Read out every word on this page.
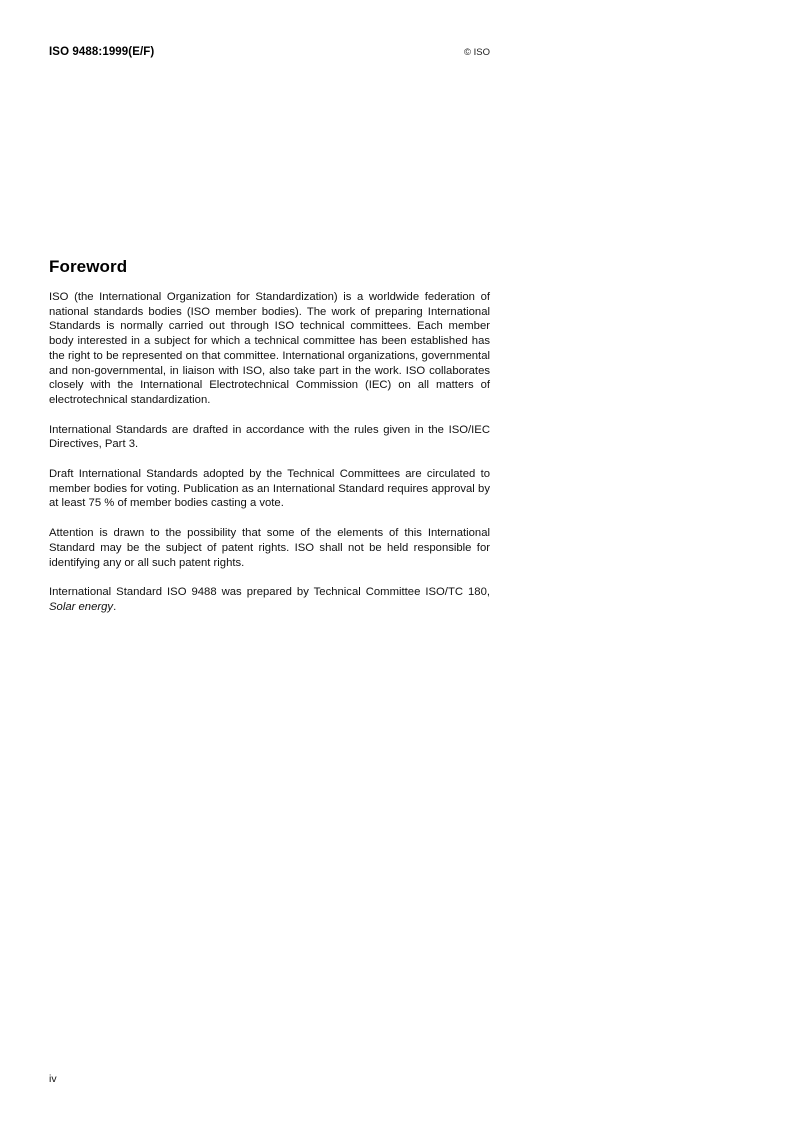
ISO 9488:1999(E/F)	© ISO
Foreword

ISO (the International Organization for Standardization) is a worldwide federation of national standards bodies (ISO member bodies). The work of preparing International Standards is normally carried out through ISO technical committees. Each member body interested in a subject for which a technical committee has been established has the right to be represented on that committee. International organizations, governmental and non-governmental, in liaison with ISO, also take part in the work. ISO collaborates closely with the International Electrotechnical Commission (IEC) on all matters of electrotechnical standardization.

International Standards are drafted in accordance with the rules given in the ISO/IEC Directives, Part 3.

Draft International Standards adopted by the Technical Committees are circulated to member bodies for voting. Publication as an International Standard requires approval by at least 75 % of member bodies casting a vote.

Attention is drawn to the possibility that some of the elements of this International Standard may be the subject of patent rights. ISO shall not be held responsible for identifying any or all such patent rights.

International Standard ISO 9488 was prepared by Technical Committee ISO/TC 180, Solar energy.

iv
